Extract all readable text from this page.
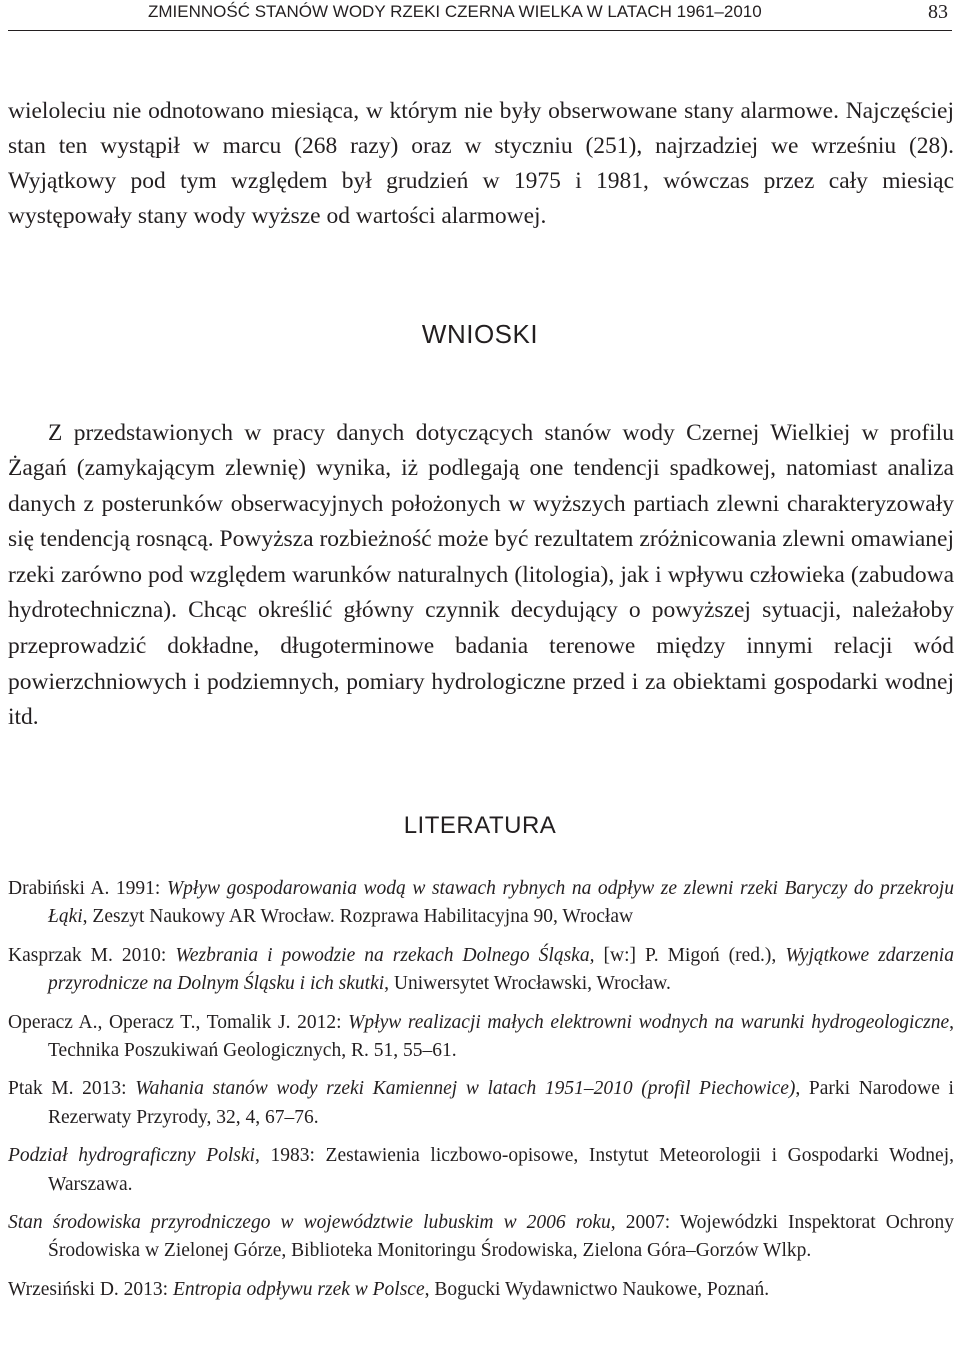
ZMIENNOŚĆ STANÓW WODY RZEKI CZERNA WIELKA W LATACH 1961–2010	83

wieloleciu nie odnotowano miesiąca, w którym nie były obserwowane stany alarmowe. Najczęściej stan ten wystąpił w marcu (268 razy) oraz w styczniu (251), najrzadziej we wrześniu (28). Wyjątkowy pod tym względem był grudzień w 1975 i 1981, wówczas przez cały miesiąc występowały stany wody wyższe od wartości alarmowej.

WNIOSKI

Z przedstawionych w pracy danych dotyczących stanów wody Czernej Wielkiej w profilu Żagań (zamykającym zlewnię) wynika, iż podlegają one tendencji spadkowej, natomiast analiza danych z posterunków obserwacyjnych położonych w wyższych partiach zlewni charakteryzowały się tendencją rosnącą. Powyższa rozbieżność może być rezultatem zróżnicowania zlewni omawianej rzeki zarówno pod względem warunków naturalnych (litologia), jak i wpływu człowieka (zabudowa hydrotechniczna). Chcąc określić główny czynnik decydujący o powyższej sytuacji, należałoby przeprowadzić dokładne, długoterminowe badania terenowe między innymi relacji wód powierzchniowych i podziemnych, pomiary hydrologiczne przed i za obiektami gospodarki wodnej itd.

LITERATURA

Drabiński A. 1991: Wpływ gospodarowania wodą w stawach rybnych na odpływ ze zlewni rzeki Baryczy do przekroju Łąki, Zeszyt Naukowy AR Wrocław. Rozprawa Habilitacyjna 90, Wrocław

Kasprzak M. 2010: Wezbrania i powodzie na rzekach Dolnego Śląska, [w:] P. Migoń (red.), Wyjątkowe zdarzenia przyrodnicze na Dolnym Śląsku i ich skutki, Uniwersytet Wrocławski, Wrocław.

Operacz A., Operacz T., Tomalik J. 2012: Wpływ realizacji małych elektrowni wodnych na warunki hydrogeologiczne, Technika Poszukiwań Geologicznych, R. 51, 55–61.

Ptak M. 2013: Wahania stanów wody rzeki Kamiennej w latach 1951–2010 (profil Piechowice), Parki Narodowe i Rezerwaty Przyrody, 32, 4, 67–76.

Podział hydrograficzny Polski, 1983: Zestawienia liczbowo-opisowe, Instytut Meteorologii i Gospodarki Wodnej, Warszawa.

Stan środowiska przyrodniczego w województwie lubuskim w 2006 roku, 2007: Wojewódzki Inspektorat Ochrony Środowiska w Zielonej Górze, Biblioteka Monitoringu Środowiska, Zielona Góra–Gorzów Wlkp.

Wrzesiński D. 2013: Entropia odpływu rzek w Polsce, Bogucki Wydawnictwo Naukowe, Poznań.
